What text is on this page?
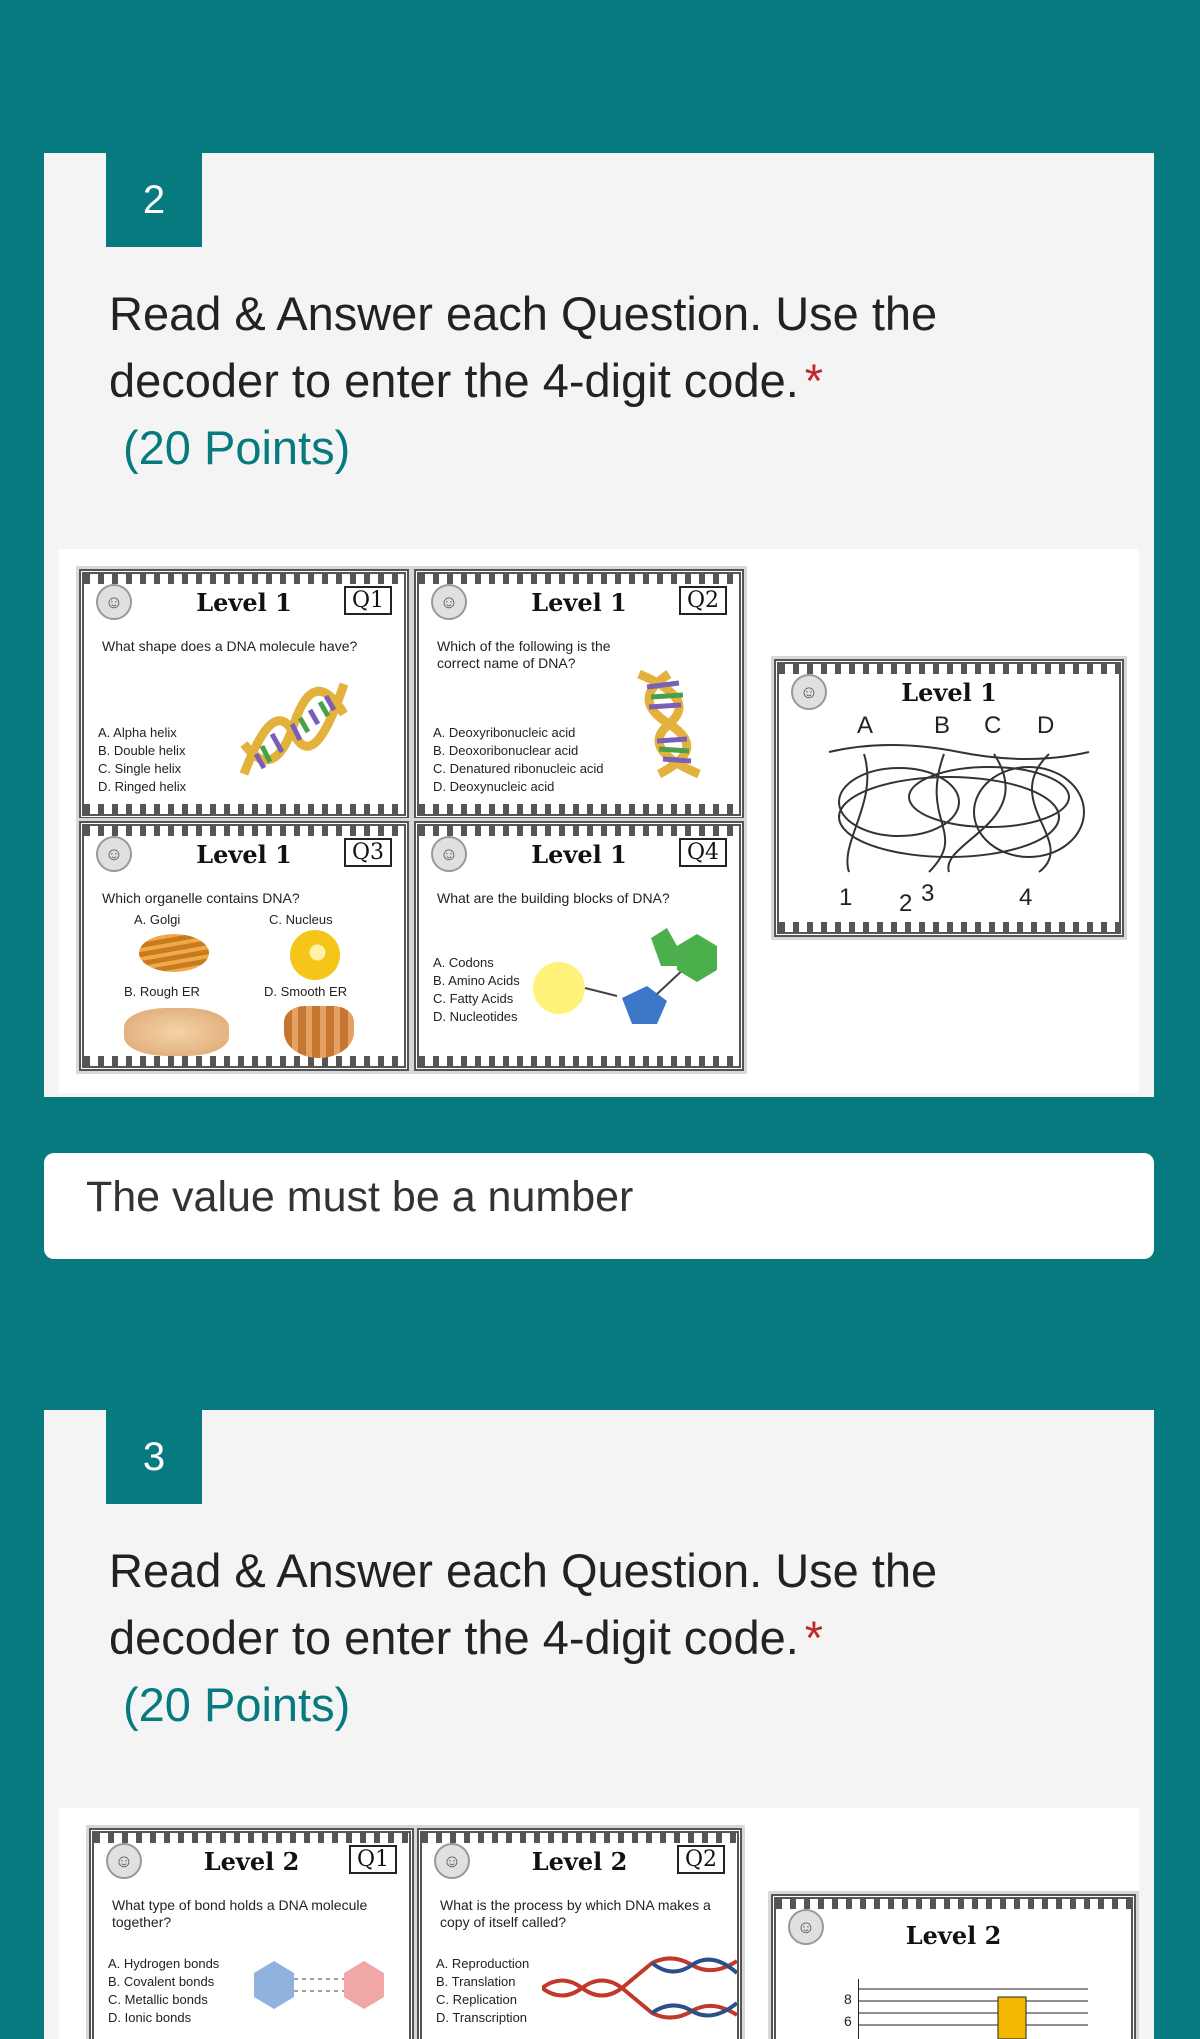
2
Read & Answer each Question. Use the decoder to enter the 4-digit code. *
(20 Points)
☺	Level 1	Q1
What shape does a DNA molecule have?
A. Alpha helix
B. Double helix
C. Single helix
D. Ringed helix
☺	Level 1	Q2
Which of the following is the correct name of DNA?
A. Deoxyribonucleic acid
B. Deoxoribonuclear acid
C. Denatured ribonucleic acid
D. Deoxynucleic acid
☺	Level 1	Q3
Which organelle contains DNA?
A. Golgi	C. Nucleus
B. Rough ER	D. Smooth ER
☺	Level 1	Q4
What are the building blocks of DNA?
A. Codons
B. Amino Acids
C. Fatty Acids
D. Nucleotides
☺	Level 1
A	B C D
1 2 3	4
The value must be a number
3
Read & Answer each Question. Use the decoder to enter the 4-digit code. *
(20 Points)
☺	Level 2	Q1
What type of bond holds a DNA molecule together?
A. Hydrogen bonds
B. Covalent bonds
C. Metallic bonds
D. Ionic bonds
☺	Level 2	Q2
What is the process by which DNA makes a copy of itself called?
A. Reproduction
B. Translation
C. Replication
D. Transcription
☺	Level 2
8
6
